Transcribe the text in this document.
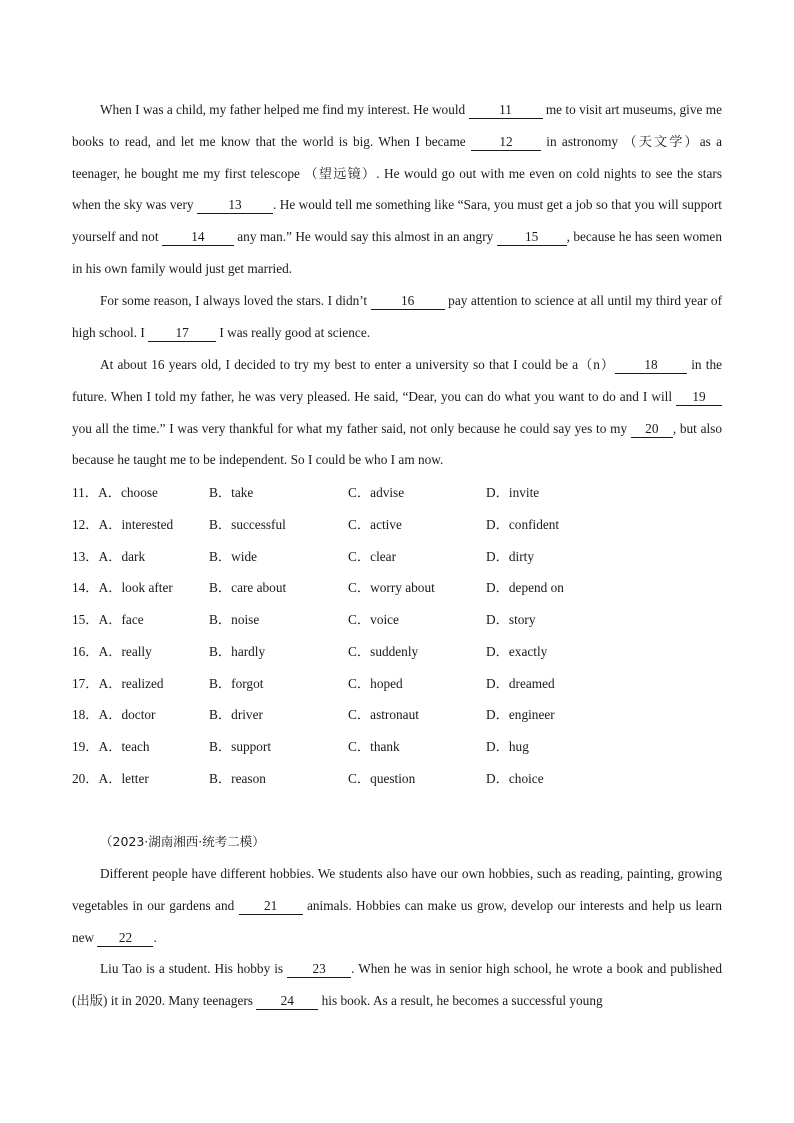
When I was a child, my father helped me find my interest. He would 11 me to visit art museums, give me books to read, and let me know that the world is big. When I became 12 in astronomy （天文学）as a teenager, he bought me my first telescope （望远镜）. He would go out with me even on cold nights to see the stars when the sky was very 13 . He would tell me something like “Sara, you must get a job so that you will support yourself and not 14 any man.” He would say this almost in an angry 15 , because he has seen women in his own family would just get married.

For some reason, I always loved the stars. I didn’t 16 pay attention to science at all until my third year of high school. I 17 I was really good at science.

At about 16 years old, I decided to try my best to enter a university so that I could be a（n） 18 in the future. When I told my father, he was very pleased. He said, “Dear, you can do what you want to do and I will 19 you all the time.” I was very thankful for what my father said, not only because he could say yes to my 20 , but also because he taught me to be independent. So I could be who I am now.

11．A．choose	B．take	C．advise	D．invite
12．A．interested	B．successful	C．active	D．confident
13．A．dark	B．wide	C．clear	D．dirty
14．A．look after	B．care about	C．worry about	D．depend on
15．A．face	B．noise	C．voice	D．story
16．A．really	B．hardly	C．suddenly	D．exactly
17．A．realized	B．forgot	C．hoped	D．dreamed
18．A．doctor	B．driver	C．astronaut	D．engineer
19．A．teach	B．support	C．thank	D．hug
20．A．letter	B．reason	C．question	D．choice
（2023·湖南湘西·统考二模）

Different people have different hobbies. We students also have our own hobbies, such as reading, painting, growing vegetables in our gardens and 21 animals. Hobbies can make us grow, develop our interests and help us learn new 22 .

Liu Tao is a student. His hobby is 23 . When he was in senior high school, he wrote a book and published (出版) it in 2020. Many teenagers 24 his book. As a result, he becomes a successful young
